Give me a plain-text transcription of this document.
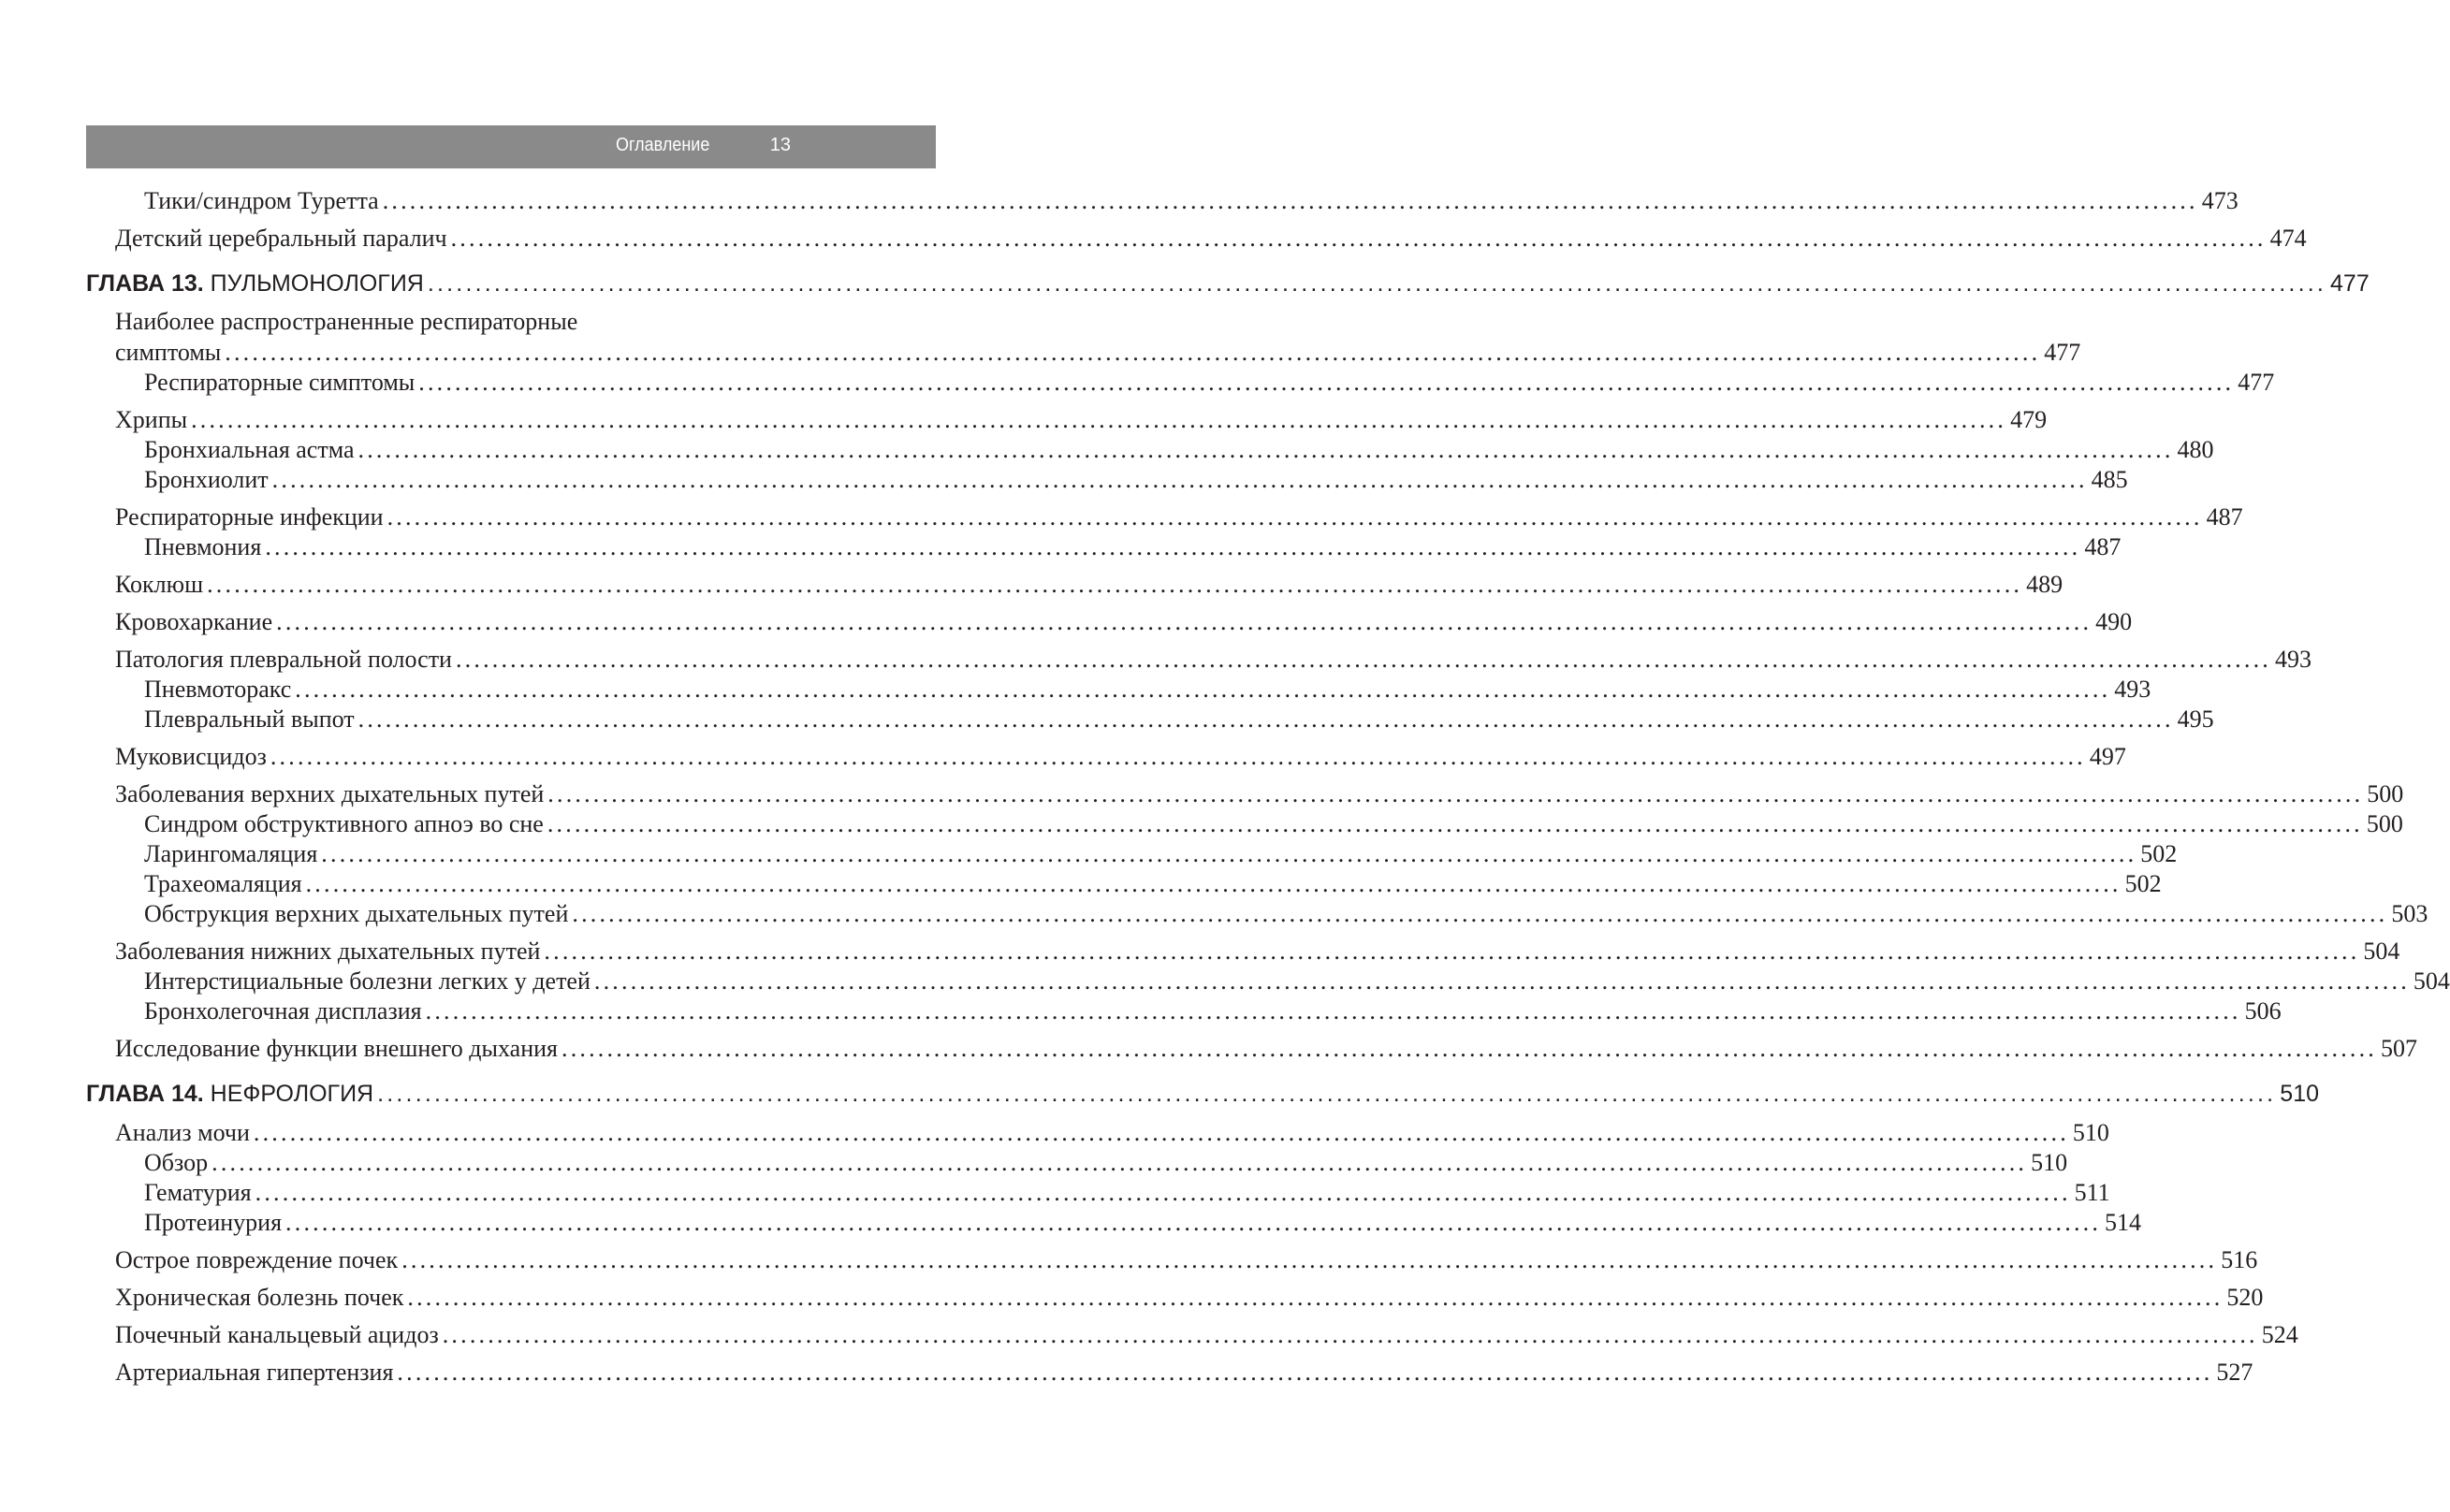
Оглавление	13
Тики/синдром Туретта ........................................................................................................................................................................................................ 473
Детский церебральный паралич ........................................................................................................................................................................................................ 474
ГЛАВА 13. ПУЛЬМОНОЛОГИЯ ........................................................................................................................................................................................................ 477
Наиболее распространенные респираторные
симптомы ........................................................................................................................................................................................................ 477
Респираторные симптомы ........................................................................................................................................................................................................ 477
Хрипы ........................................................................................................................................................................................................ 479
Бронхиальная астма ........................................................................................................................................................................................................ 480
Бронхиолит ........................................................................................................................................................................................................ 485
Респираторные инфекции ........................................................................................................................................................................................................ 487
Пневмония ........................................................................................................................................................................................................ 487
Коклюш ........................................................................................................................................................................................................ 489
Кровохаркание ........................................................................................................................................................................................................ 490
Патология плевральной полости ........................................................................................................................................................................................................ 493
Пневмоторакс ........................................................................................................................................................................................................ 493
Плевральный выпот ........................................................................................................................................................................................................ 495
Муковисцидоз ........................................................................................................................................................................................................ 497
Заболевания верхних дыхательных путей ........................................................................................................................................................................................................ 500
Синдром обструктивного апноэ во сне ........................................................................................................................................................................................................ 500
Ларингомаляция ........................................................................................................................................................................................................ 502
Трахеомаляция ........................................................................................................................................................................................................ 502
Обструкция верхних дыхательных путей ........................................................................................................................................................................................................ 503
Заболевания нижних дыхательных путей ........................................................................................................................................................................................................ 504
Интерстициальные болезни легких у детей ........................................................................................................................................................................................................ 504
Бронхолегочная дисплазия ........................................................................................................................................................................................................ 506
Исследование функции внешнего дыхания ........................................................................................................................................................................................................ 507
ГЛАВА 14. НЕФРОЛОГИЯ ........................................................................................................................................................................................................ 510
Анализ мочи ........................................................................................................................................................................................................ 510
Обзор ........................................................................................................................................................................................................ 510
Гематурия ........................................................................................................................................................................................................ 511
Протеинурия ........................................................................................................................................................................................................ 514
Острое повреждение почек ........................................................................................................................................................................................................ 516
Хроническая болезнь почек ........................................................................................................................................................................................................ 520
Почечный канальцевый ацидоз ........................................................................................................................................................................................................ 524
Артериальная гипертензия ........................................................................................................................................................................................................ 527
